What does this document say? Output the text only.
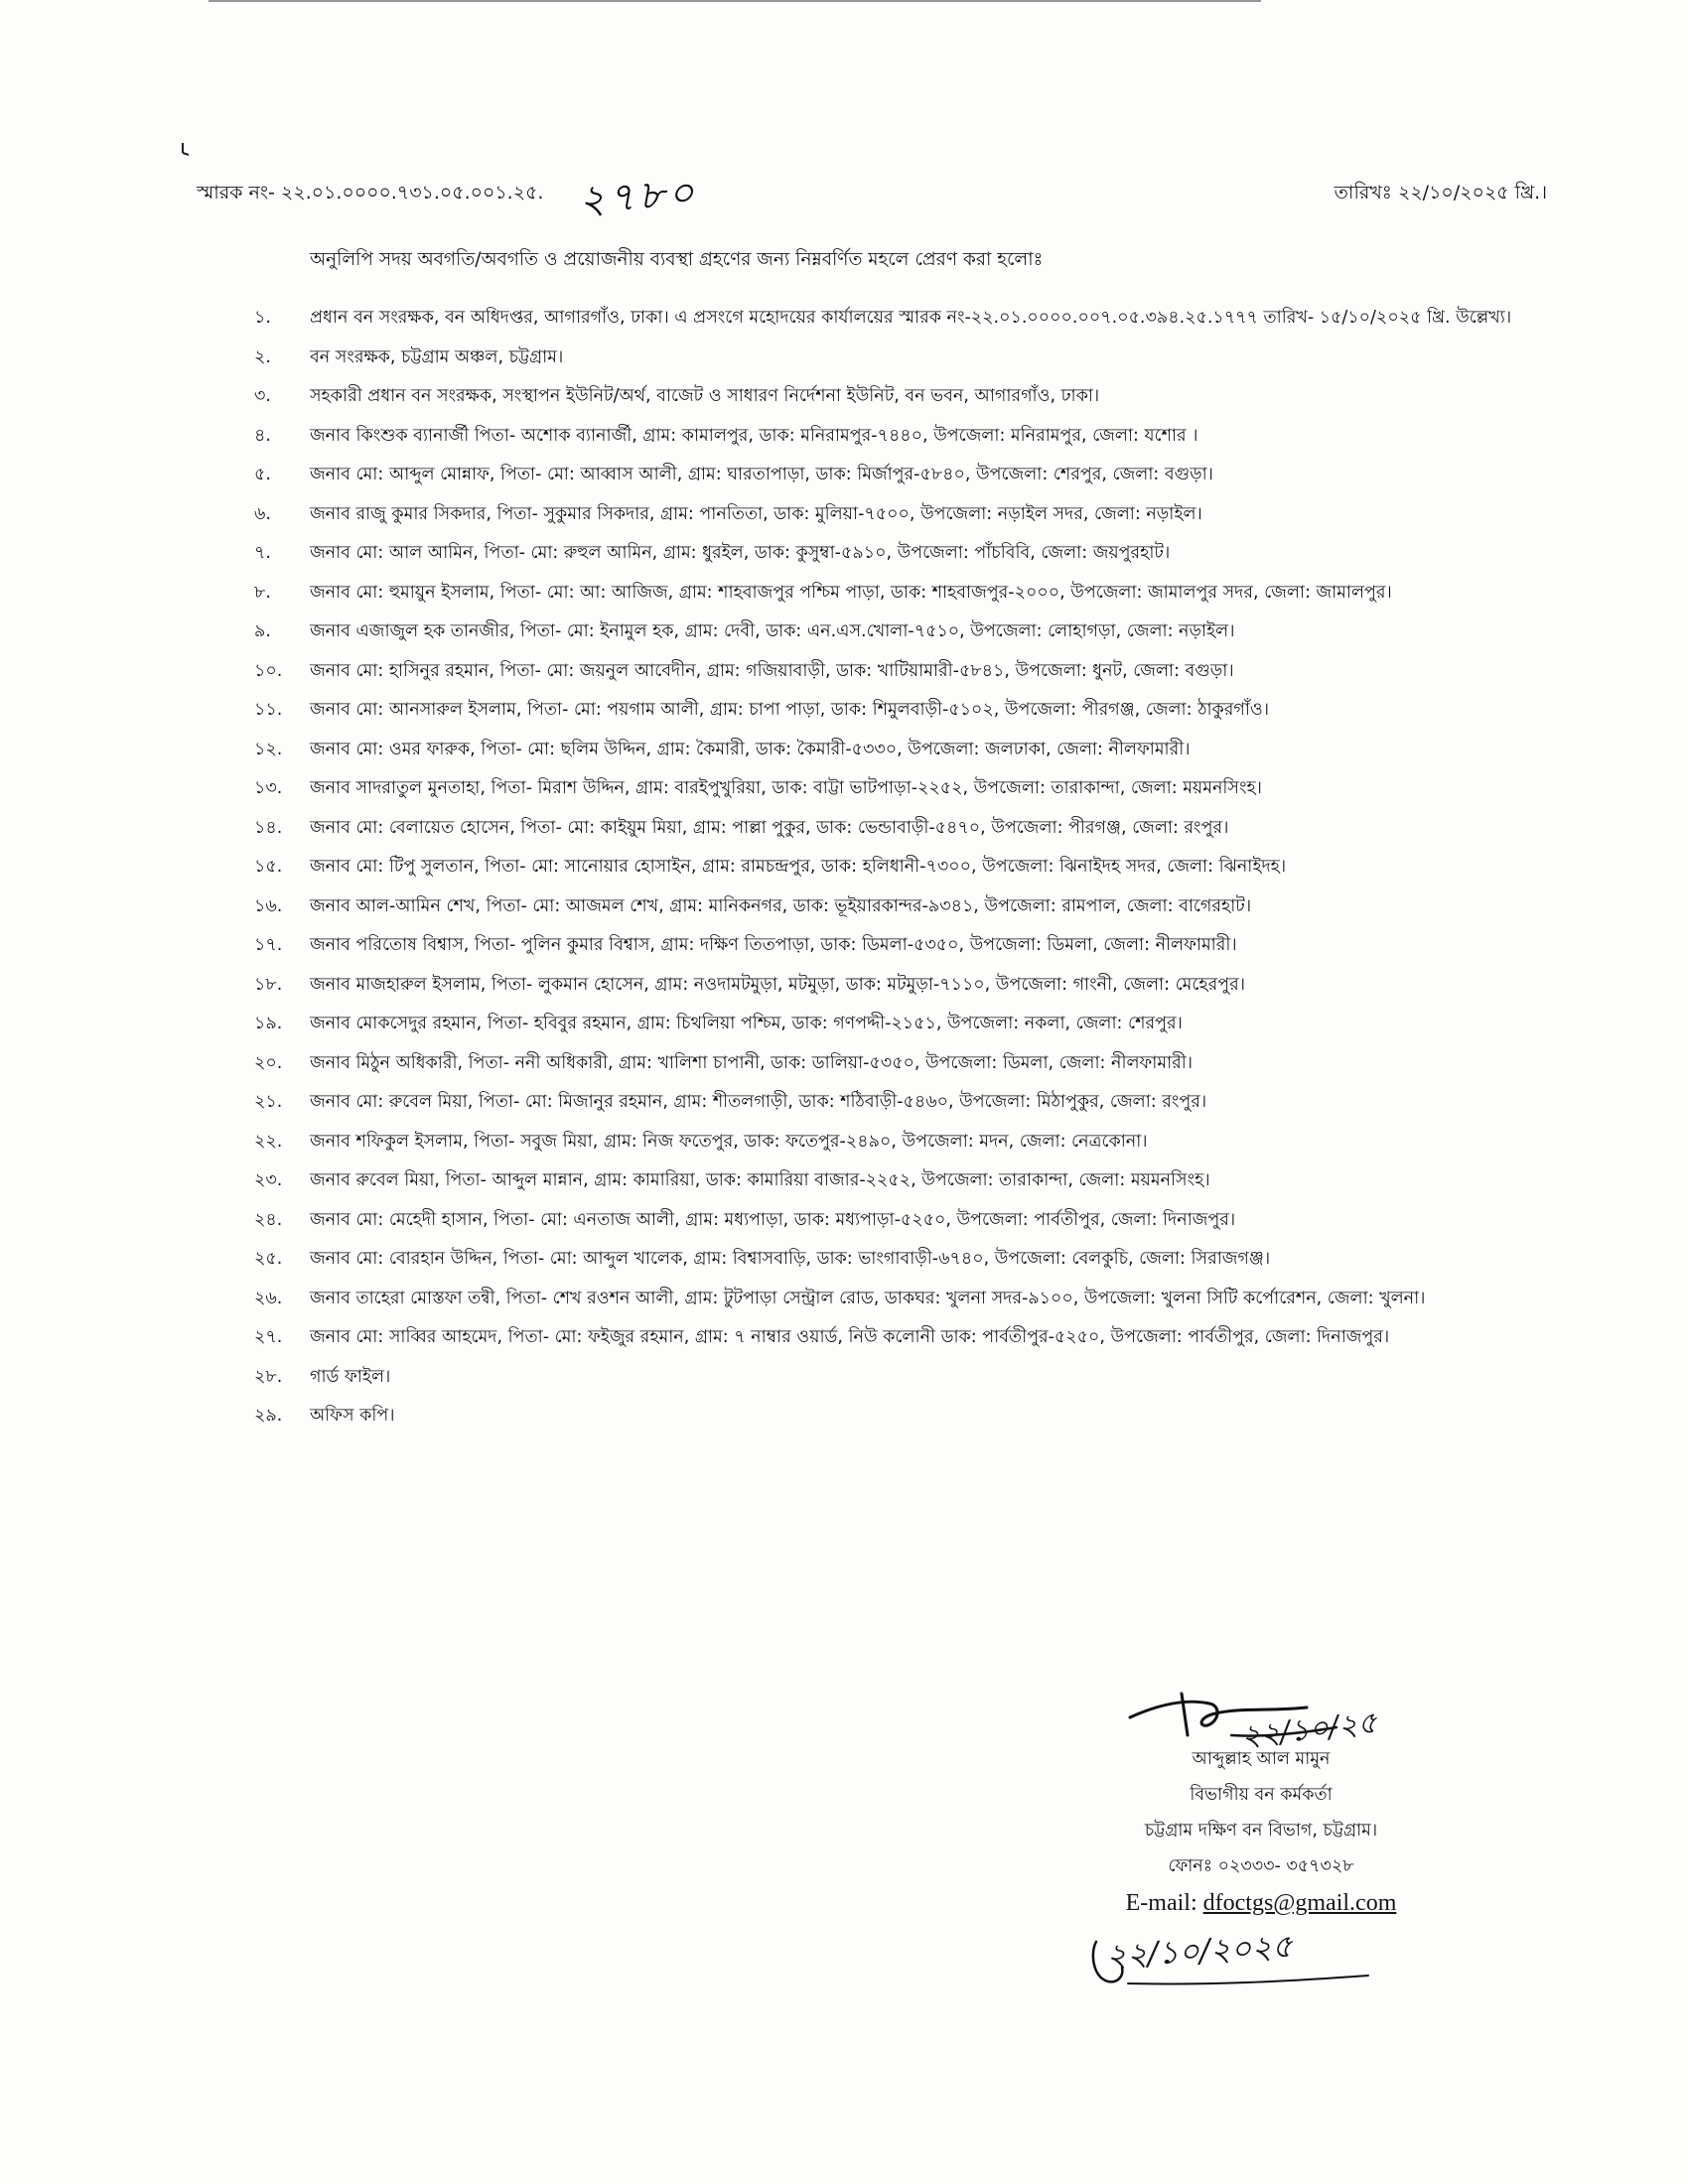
স্মারক নং- ২২.০১.০০০০.৭৩১.০৫.০০১.২৫. ২৭৮০	তারিখঃ ২২/১০/২০২৫ খ্রি.।
অনুলিপি সদয় অবগতি/অবগতি ও প্রয়োজনীয় ব্যবস্থা গ্রহণের জন্য নিম্নবর্ণিত মহলে প্রেরণ করা হলোঃ
১.	প্রধান বন সংরক্ষক, বন অধিদপ্তর, আগারগাঁও, ঢাকা। এ প্রসংগে মহোদয়ের কার্যালয়ের স্মারক নং-২২.০১.০০০০.০০৭.০৫.৩৯৪.২৫.১৭৭৭ তারিখ- ১৫/১০/২০২৫ খ্রি. উল্লেখ্য।
২.	বন সংরক্ষক, চট্টগ্রাম অঞ্চল, চট্টগ্রাম।
৩.	সহকারী প্রধান বন সংরক্ষক, সংস্থাপন ইউনিট/অর্থ, বাজেট ও সাধারণ নির্দেশনা ইউনিট, বন ভবন, আগারগাঁও, ঢাকা।
৪.	জনাব কিংশুক ব্যানার্জী পিতা- অশোক ব্যানার্জী, গ্রাম: কামালপুর, ডাক: মনিরামপুর-৭৪৪০, উপজেলা: মনিরামপুর, জেলা: যশোর ।
৫.	জনাব মো: আব্দুল মোন্নাফ, পিতা- মো: আব্বাস আলী, গ্রাম: ঘারতাপাড়া, ডাক: মির্জাপুর-৫৮৪০, উপজেলা: শেরপুর, জেলা: বগুড়া।
৬.	জনাব রাজু কুমার সিকদার, পিতা- সুকুমার সিকদার, গ্রাম: পানতিতা, ডাক: মুলিয়া-৭৫০০, উপজেলা: নড়াইল সদর, জেলা: নড়াইল।
৭.	জনাব মো: আল আমিন, পিতা- মো: রুহুল আমিন, গ্রাম: ধুরইল, ডাক: কুসুম্বা-৫৯১০, উপজেলা: পাঁচবিবি, জেলা: জয়পুরহাট।
৮.	জনাব মো: হুমায়ুন ইসলাম, পিতা- মো: আ: আজিজ, গ্রাম: শাহবাজপুর পশ্চিম পাড়া, ডাক: শাহবাজপুর-২০০০, উপজেলা: জামালপুর সদর, জেলা: জামালপুর।
৯.	জনাব এজাজুল হক তানজীর, পিতা- মো: ইনামুল হক, গ্রাম: দেবী, ডাক: এন.এস.খোলা-৭৫১০, উপজেলা: লোহাগড়া, জেলা: নড়াইল।
১০.	জনাব মো: হাসিনুর রহমান, পিতা- মো: জয়নুল আবেদীন, গ্রাম: গজিয়াবাড়ী, ডাক: খাটিয়ামারী-৫৮৪১, উপজেলা: ধুনট, জেলা: বগুড়া।
১১.	জনাব মো: আনসারুল ইসলাম, পিতা- মো: পয়গাম আলী, গ্রাম: চাপা পাড়া, ডাক: শিমুলবাড়ী-৫১০২, উপজেলা: পীরগঞ্জ, জেলা: ঠাকুরগাঁও।
১২.	জনাব মো: ওমর ফারুক, পিতা- মো: ছলিম উদ্দিন, গ্রাম: কৈমারী, ডাক: কৈমারী-৫৩৩০, উপজেলা: জলঢাকা, জেলা: নীলফামারী।
১৩.	জনাব সাদরাতুল মুনতাহা, পিতা- মিরাশ উদ্দিন, গ্রাম: বারইপুখুরিয়া, ডাক: বাট্টা ভাটপাড়া-২২৫২, উপজেলা: তারাকান্দা, জেলা: ময়মনসিংহ।
১৪.	জনাব মো: বেলায়েত হোসেন, পিতা- মো: কাইয়ুম মিয়া, গ্রাম: পাল্লা পুকুর, ডাক: ভেন্ডাবাড়ী-৫৪৭০, উপজেলা: পীরগঞ্জ, জেলা: রংপুর।
১৫.	জনাব মো: টিপু সুলতান, পিতা- মো: সানোয়ার হোসাইন, গ্রাম: রামচন্দ্রপুর, ডাক: হলিধানী-৭৩০০, উপজেলা: ঝিনাইদহ সদর, জেলা: ঝিনাইদহ।
১৬.	জনাব আল-আমিন শেখ, পিতা- মো: আজমল শেখ, গ্রাম: মানিকনগর, ডাক: ভূইয়ারকান্দর-৯৩৪১, উপজেলা: রামপাল, জেলা: বাগেরহাট।
১৭.	জনাব পরিতোষ বিশ্বাস, পিতা- পুলিন কুমার বিশ্বাস, গ্রাম: দক্ষিণ তিতপাড়া, ডাক: ডিমলা-৫৩৫০, উপজেলা: ডিমলা, জেলা: নীলফামারী।
১৮.	জনাব মাজহারুল ইসলাম, পিতা- লুকমান হোসেন, গ্রাম: নওদামটমুড়া, মটমুড়া, ডাক: মটমুড়া-৭১১০, উপজেলা: গাংনী, জেলা: মেহেরপুর।
১৯.	জনাব মোকসেদুর রহমান, পিতা- হবিবুর রহমান, গ্রাম: চিথলিয়া পশ্চিম, ডাক: গণপদ্দী-২১৫১, উপজেলা: নকলা, জেলা: শেরপুর।
২০.	জনাব মিঠুন অধিকারী, পিতা- ননী অধিকারী, গ্রাম: খালিশা চাপানী, ডাক: ডালিয়া-৫৩৫০, উপজেলা: ডিমলা, জেলা: নীলফামারী।
২১.	জনাব মো: রুবেল মিয়া, পিতা- মো: মিজানুর রহমান, গ্রাম: শীতলগাড়ী, ডাক: শঠিবাড়ী-৫৪৬০, উপজেলা: মিঠাপুকুর, জেলা: রংপুর।
২২.	জনাব শফিকুল ইসলাম, পিতা- সবুজ মিয়া, গ্রাম: নিজ ফতেপুর, ডাক: ফতেপুর-২৪৯০, উপজেলা: মদন, জেলা: নেত্রকোনা।
২৩.	জনাব রুবেল মিয়া, পিতা- আব্দুল মান্নান, গ্রাম: কামারিয়া, ডাক: কামারিয়া বাজার-২২৫২, উপজেলা: তারাকান্দা, জেলা: ময়মনসিংহ।
২৪.	জনাব মো: মেহেদী হাসান, পিতা- মো: এনতাজ আলী, গ্রাম: মধ্যপাড়া, ডাক: মধ্যপাড়া-৫২৫০, উপজেলা: পার্বতীপুর, জেলা: দিনাজপুর।
২৫.	জনাব মো: বোরহান উদ্দিন, পিতা- মো: আব্দুল খালেক, গ্রাম: বিশ্বাসবাড়ি, ডাক: ভাংগাবাড়ী-৬৭৪০, উপজেলা: বেলকুচি, জেলা: সিরাজগঞ্জ।
২৬.	জনাব তাহেরা মোস্তফা তন্বী, পিতা- শেখ রওশন আলী, গ্রাম: টুটপাড়া সেন্ট্রাল রোড, ডাকঘর: খুলনা সদর-৯১০০, উপজেলা: খুলনা সিটি কর্পোরেশন, জেলা: খুলনা।
২৭.	জনাব মো: সাব্বির আহমেদ, পিতা- মো: ফইজুর রহমান, গ্রাম: ৭ নাম্বার ওয়ার্ড, নিউ কলোনী ডাক: পার্বতীপুর-৫২৫০, উপজেলা: পার্বতীপুর, জেলা: দিনাজপুর।
২৮.	গার্ড ফাইল।
২৯.	অফিস কপি।
২২/১০/২৫
আব্দুল্লাহ আল মামুন
বিভাগীয় বন কর্মকর্তা
চট্টগ্রাম দক্ষিণ বন বিভাগ, চট্টগ্রাম।
ফোনঃ ০২৩৩৩- ৩৫৭৩২৮
E-mail: dfoctgs@gmail.com
২২/১০/২০২৫
